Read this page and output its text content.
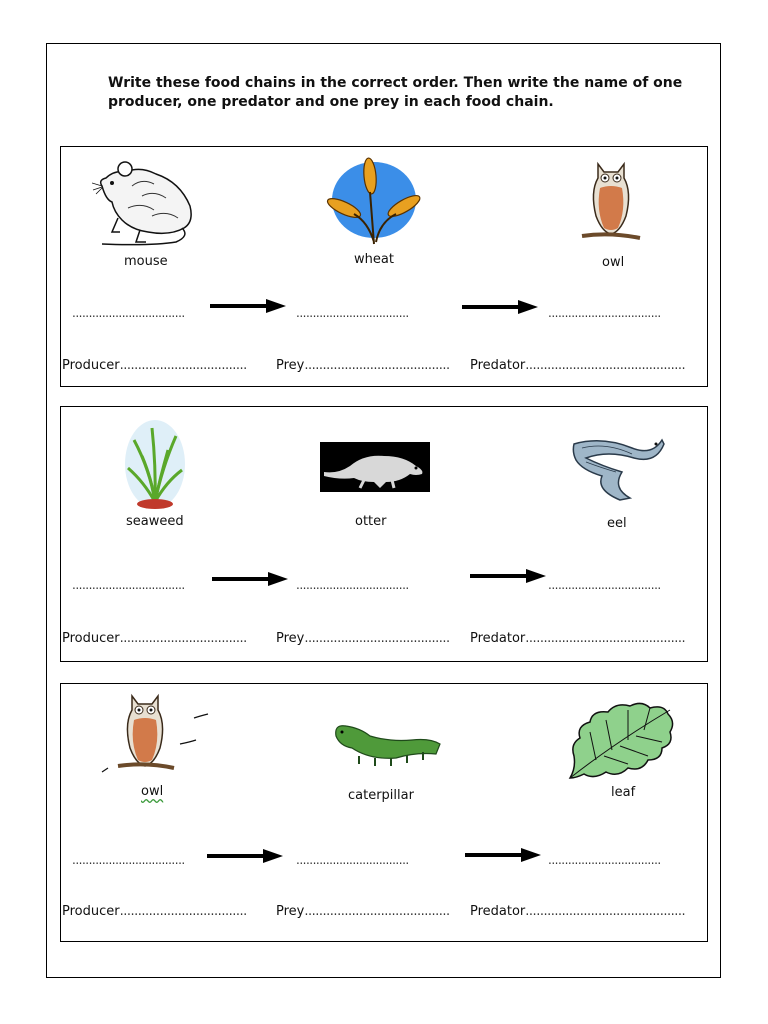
Write these food chains in the correct order. Then write the name of one producer, one predator and one prey in each food chain.

mouse	wheat	owl
..................................	..................................	..................................
Producer................................... Prey........................................ Predator............................................
seaweed	otter	eel
..................................	..................................	..................................
Producer................................... Prey........................................ Predator............................................
owl	caterpillar	leaf
..................................	..................................	..................................
Producer................................... Prey........................................ Predator............................................
